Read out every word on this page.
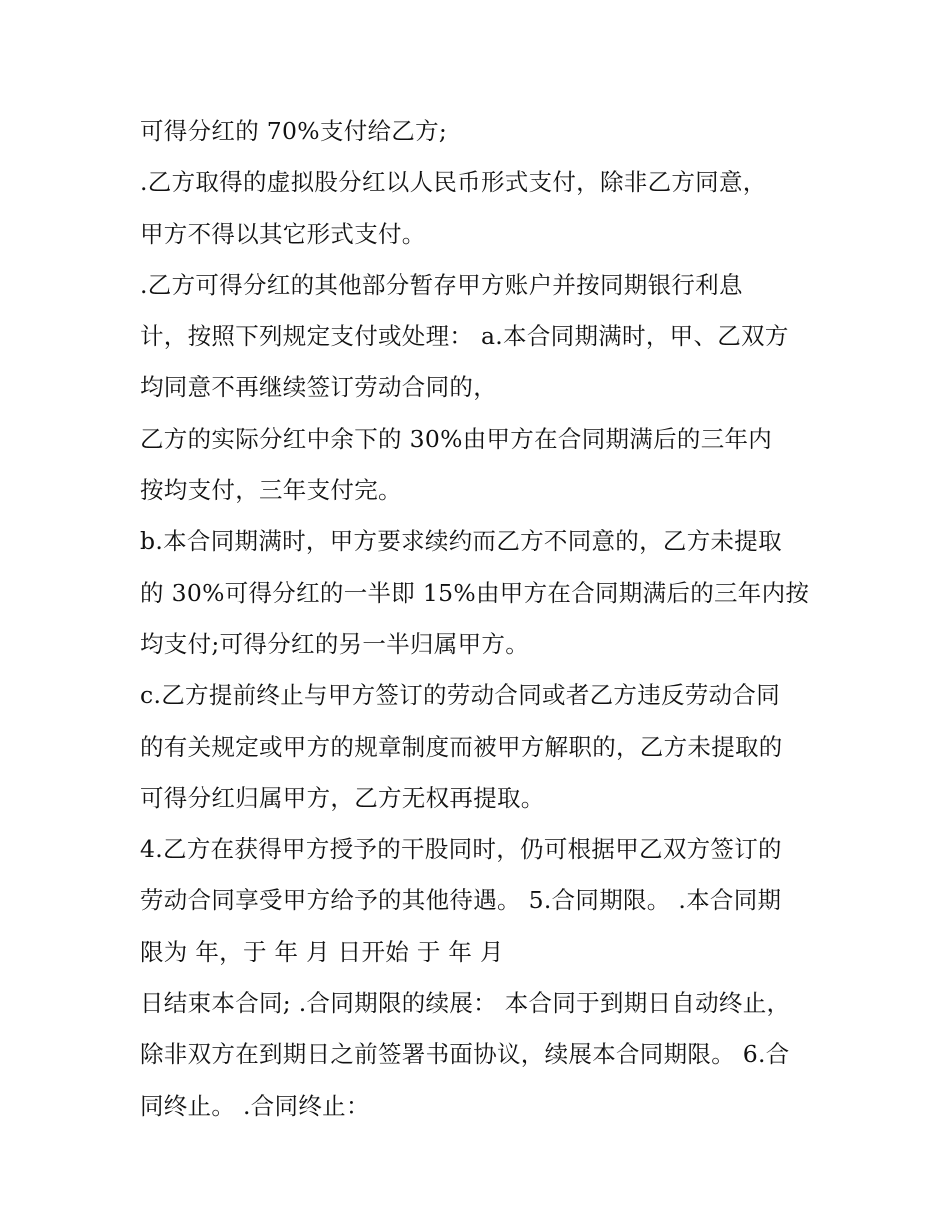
可得分红的 70%支付给乙方;
.乙方取得的虚拟股分红以人民币形式支付，除非乙方同意，
甲方不得以其它形式支付。
.乙方可得分红的其他部分暂存甲方账户并按同期银行利息
计，按照下列规定支付或处理： a.本合同期满时，甲、乙双方
均同意不再继续签订劳动合同的，
乙方的实际分红中余下的 30%由甲方在合同期满后的三年内
按均支付，三年支付完。
b.本合同期满时，甲方要求续约而乙方不同意的，乙方未提取
的 30%可得分红的一半即 15%由甲方在合同期满后的三年内按
均支付;可得分红的另一半归属甲方。
c.乙方提前终止与甲方签订的劳动合同或者乙方违反劳动合同
的有关规定或甲方的规章制度而被甲方解职的，乙方未提取的
可得分红归属甲方，乙方无权再提取。
4.乙方在获得甲方授予的干股同时，仍可根据甲乙双方签订的
劳动合同享受甲方给予的其他待遇。 5.合同期限。 .本合同期
限为 年，于 年 月 日开始 于 年 月
日结束本合同; .合同期限的续展： 本合同于到期日自动终止，
除非双方在到期日之前签署书面协议，续展本合同期限。 6.合
同终止。 .合同终止：
